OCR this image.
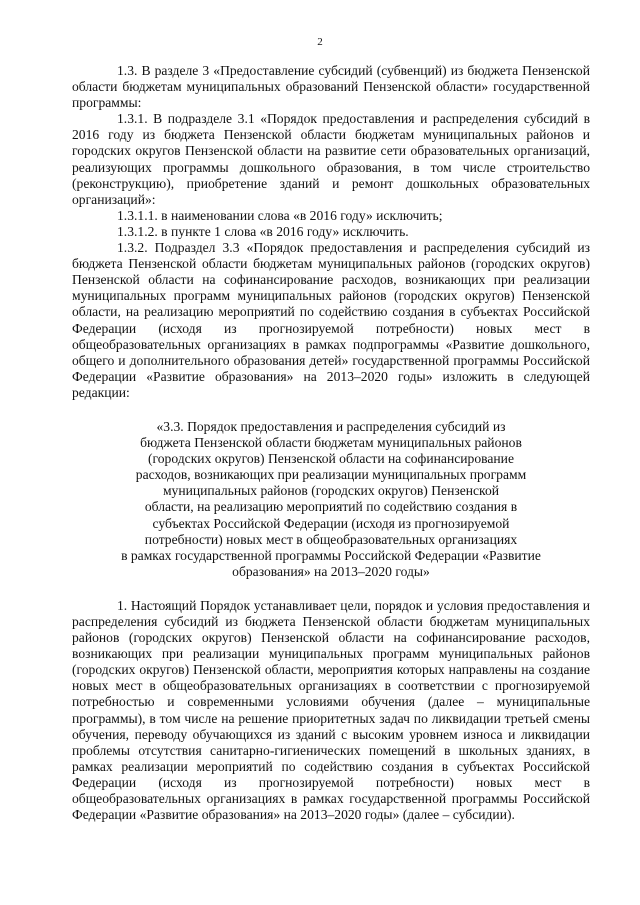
2

1.3. В разделе 3 «Предоставление субсидий (субвенций) из бюджета Пензенской области бюджетам муниципальных образований Пензенской области» государственной программы:

1.3.1. В подразделе 3.1 «Порядок предоставления и распределения субсидий в 2016 году из бюджета Пензенской области бюджетам муниципальных районов и городских округов Пензенской области на развитие сети образовательных организаций, реализующих программы дошкольного образования, в том числе строительство (реконструкцию), приобретение зданий и ремонт дошкольных образовательных организаций»:

1.3.1.1. в наименовании слова «в 2016 году» исключить;

1.3.1.2. в пункте 1 слова «в 2016 году» исключить.

1.3.2. Подраздел 3.3 «Порядок предоставления и распределения субсидий из бюджета Пензенской области бюджетам муниципальных районов (городских округов) Пензенской области на софинансирование расходов, возникающих при реализации муниципальных программ муниципальных районов (городских округов) Пензенской области, на реализацию мероприятий по содействию создания в субъектах Российской Федерации (исходя из прогнозируемой потребности) новых мест в общеобразовательных организациях в рамках подпрограммы «Развитие дошкольного, общего и дополнительного образования детей» государственной программы Российской Федерации «Развитие образования» на 2013–2020 годы» изложить в следующей редакции:

«3.3. Порядок предоставления и распределения субсидий из

бюджета Пензенской области бюджетам муниципальных районов

(городских округов) Пензенской области на софинансирование

расходов, возникающих при реализации муниципальных программ

муниципальных районов (городских округов) Пензенской

области, на реализацию мероприятий по содействию создания в

субъектах Российской Федерации (исходя из прогнозируемой

потребности) новых мест в общеобразовательных организациях

в рамках государственной программы Российской Федерации «Развитие

образования» на 2013–2020 годы»

1. Настоящий Порядок устанавливает цели, порядок и условия предоставления и распределения субсидий из бюджета Пензенской области бюджетам муниципальных районов (городских округов) Пензенской области на софинансирование расходов, возникающих при реализации муниципальных программ муниципальных районов (городских округов) Пензенской области, мероприятия которых направлены на создание новых мест в общеобразовательных организациях в соответствии с прогнозируемой потребностью и современными условиями обучения (далее – муниципальные программы), в том числе на решение приоритетных задач по ликвидации третьей смены обучения, переводу обучающихся из зданий с высоким уровнем износа и ликвидации проблемы отсутствия санитарно-гигиенических помещений в школьных зданиях, в рамках реализации мероприятий по содействию создания в субъектах Российской Федерации (исходя из прогнозируемой потребности) новых мест в общеобразовательных организациях в рамках государственной программы Российской Федерации «Развитие образования» на 2013–2020 годы» (далее – субсидии).
